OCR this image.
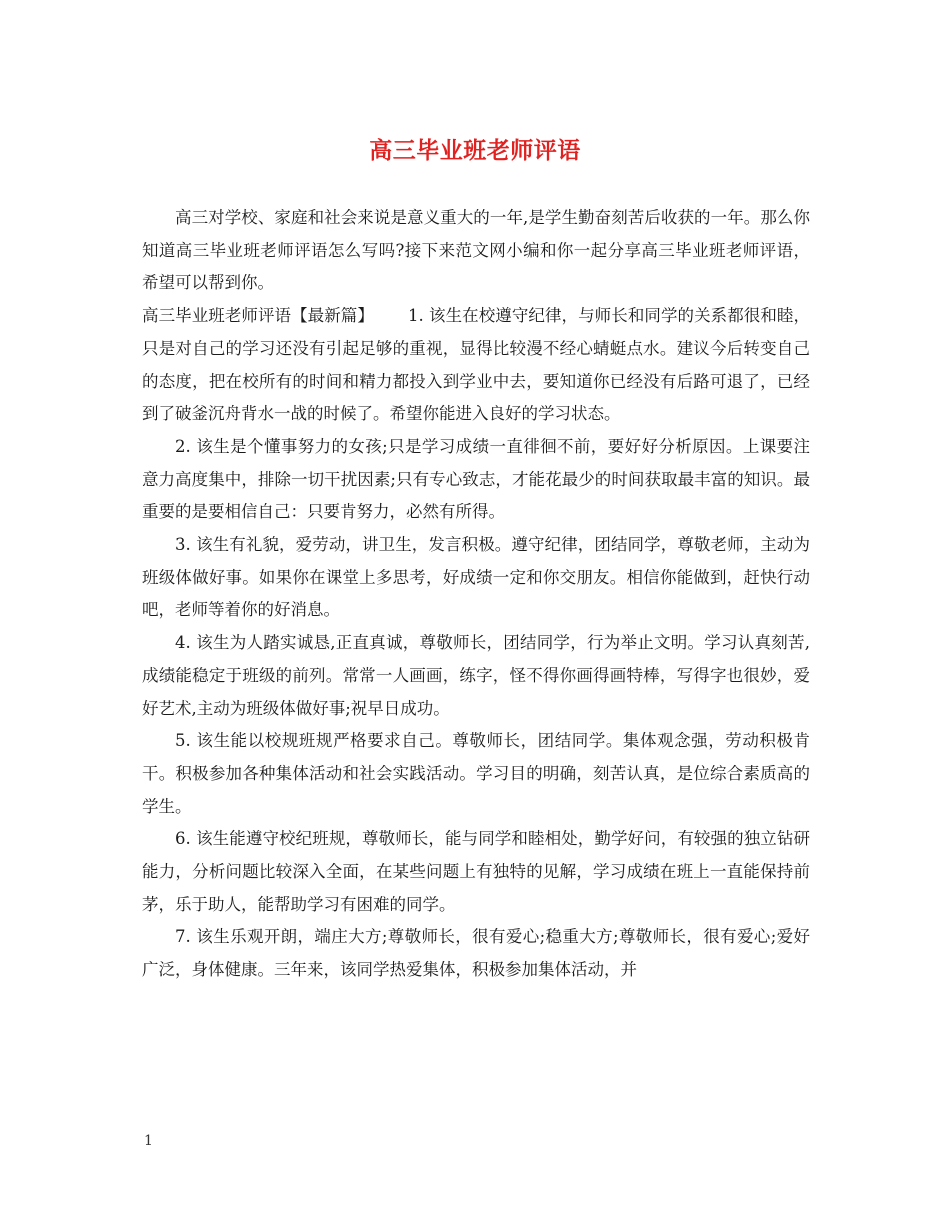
高三毕业班老师评语

高三对学校、家庭和社会来说是意义重大的一年,是学生勤奋刻苦后收获的一年。那么你知道高三毕业班老师评语怎么写吗?接下来范文网小编和你一起分享高三毕业班老师评语，希望可以帮到你。

高三毕业班老师评语【最新篇】 1. 该生在校遵守纪律，与师长和同学的关系都很和睦，只是对自己的学习还没有引起足够的重视，显得比较漫不经心蜻蜓点水。建议今后转变自己的态度，把在校所有的时间和精力都投入到学业中去，要知道你已经没有后路可退了，已经到了破釜沉舟背水一战的时候了。希望你能进入良好的学习状态。

2. 该生是个懂事努力的女孩;只是学习成绩一直徘徊不前，要好好分析原因。上课要注意力高度集中，排除一切干扰因素;只有专心致志，才能花最少的时间获取最丰富的知识。最重要的是要相信自己：只要肯努力，必然有所得。

3. 该生有礼貌，爱劳动，讲卫生，发言积极。遵守纪律，团结同学，尊敬老师，主动为班级体做好事。如果你在课堂上多思考，好成绩一定和你交朋友。相信你能做到，赶快行动吧，老师等着你的好消息。

4. 该生为人踏实诚恳,正直真诚，尊敬师长，团结同学，行为举止文明。学习认真刻苦,成绩能稳定于班级的前列。常常一人画画，练字，怪不得你画得画特棒，写得字也很妙，爱好艺术,主动为班级体做好事;祝早日成功。

5. 该生能以校规班规严格要求自己。尊敬师长，团结同学。集体观念强，劳动积极肯干。积极参加各种集体活动和社会实践活动。学习目的明确，刻苦认真，是位综合素质高的学生。

6. 该生能遵守校纪班规，尊敬师长，能与同学和睦相处，勤学好问，有较强的独立钻研能力，分析问题比较深入全面，在某些问题上有独特的见解，学习成绩在班上一直能保持前茅，乐于助人，能帮助学习有困难的同学。

7. 该生乐观开朗，端庄大方;尊敬师长，很有爱心;稳重大方;尊敬师长，很有爱心;爱好广泛，身体健康。三年来，该同学热爱集体，积极参加集体活动，并

1
